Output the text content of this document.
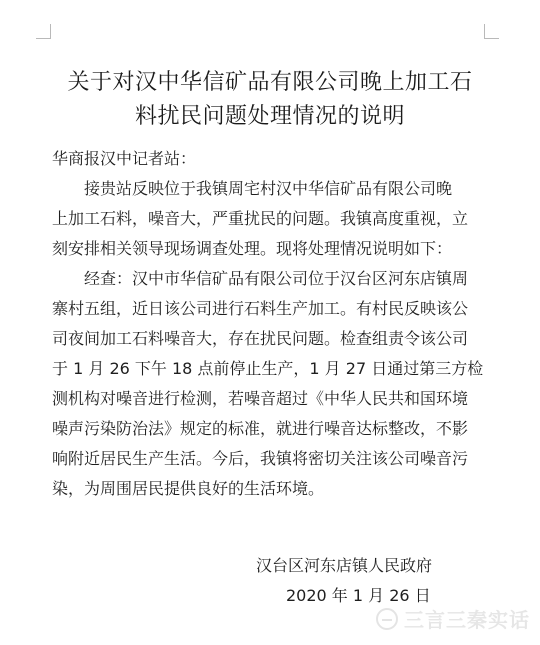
关于对汉中华信矿品有限公司晚上加工石
料扰民问题处理情况的说明
华商报汉中记者站：
接贵站反映位于我镇周宅村汉中华信矿品有限公司晚
上加工石料，噪音大，严重扰民的问题。我镇高度重视，立
刻安排相关领导现场调查处理。现将处理情况说明如下：
经查：汉中市华信矿品有限公司位于汉台区河东店镇周
寨村五组，近日该公司进行石料生产加工。有村民反映该公
司夜间加工石料噪音大，存在扰民问题。检查组责令该公司
于 1 月 26 下午 18 点前停止生产，1 月 27 日通过第三方检
测机构对噪音进行检测，若噪音超过《中华人民共和国环境
噪声污染防治法》规定的标准，就进行噪音达标整改，不影
响附近居民生产生活。今后，我镇将密切关注该公司噪音污
染，为周围居民提供良好的生活环境。
汉台区河东店镇人民政府
2020 年 1 月 26 日
三言三秦实话
